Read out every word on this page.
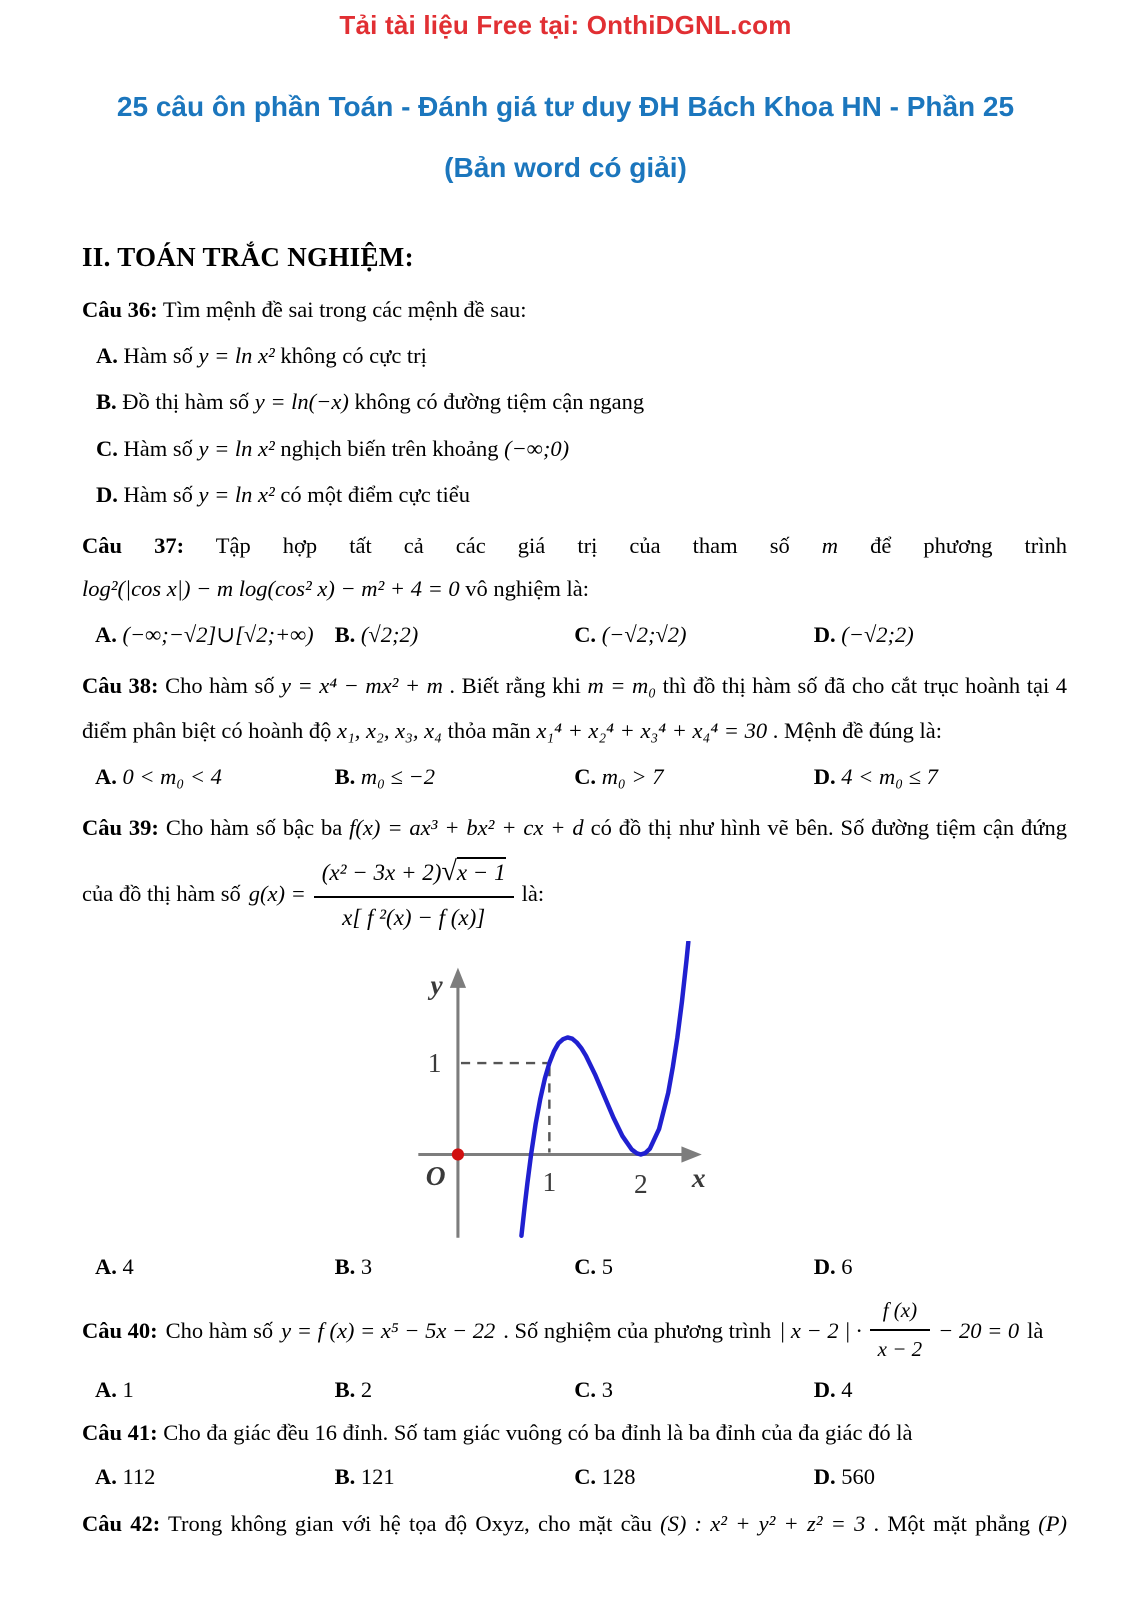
Tải tài liệu Free tại: OnthiDGNL.com
25 câu ôn phần Toán - Đánh giá tư duy ĐH Bách Khoa HN - Phần 25
(Bản word có giải)
II. TOÁN TRẮC NGHIỆM:
Câu 36: Tìm mệnh đề sai trong các mệnh đề sau:
A. Hàm số y = ln x² không có cực trị
B. Đồ thị hàm số y = ln(−x) không có đường tiệm cận ngang
C. Hàm số y = ln x² nghịch biến trên khoảng (−∞;0)
D. Hàm số y = ln x² có một điểm cực tiểu
Câu 37: Tập hợp tất cả các giá trị của tham số m để phương trình
log²(|cos x|) − m log(cos² x) − m² + 4 = 0 vô nghiệm là:
A. (−∞;−√2]∪[√2;+∞) B. (√2;2)	C. (−√2;√2)	D. (−√2;2)
Câu 38: Cho hàm số y = x⁴ − mx² + m . Biết rằng khi m = m₀ thì đồ thị hàm số đã cho cắt trục hoành tại 4
điểm phân biệt có hoành độ x₁, x₂, x₃, x₄ thỏa mãn x₁⁴ + x₂⁴ + x₃⁴ + x₄⁴ = 30 . Mệnh đề đúng là:
A. 0 < m₀ < 4	B. m₀ ≤ −2	C. m₀ > 7	D. 4 < m₀ ≤ 7
Câu 39: Cho hàm số bậc ba f(x) = ax³ + bx² + cx + d có đồ thị như hình vẽ bên. Số đường tiệm cận đứng
của đồ thị hàm số $g(x) = \frac{\text{(x² − 3x + 2)√x − 1}}{\text{x[ f ²(x) − f (x)]}}$ là:
y
x
O
1
1	2
A. 4	B. 3	C. 5	D. 6
Câu 40: Cho hàm số y = f (x) = x⁵ − 5x − 22 . Số nghiệm của phương trình | x − 2 | · $\frac{f (x)}{x - 2} - 20 = 0$ là
A. 1	B. 2	C. 3	D. 4
Câu 41: Cho đa giác đều 16 đỉnh. Số tam giác vuông có ba đỉnh là ba đỉnh của đa giác đó là
A. 112	B. 121	C. 128	D. 560
Câu 42: Trong không gian với hệ tọa độ Oxyz, cho mặt cầu (S) : x² + y² + z² = 3 . Một mặt phẳng (P)
